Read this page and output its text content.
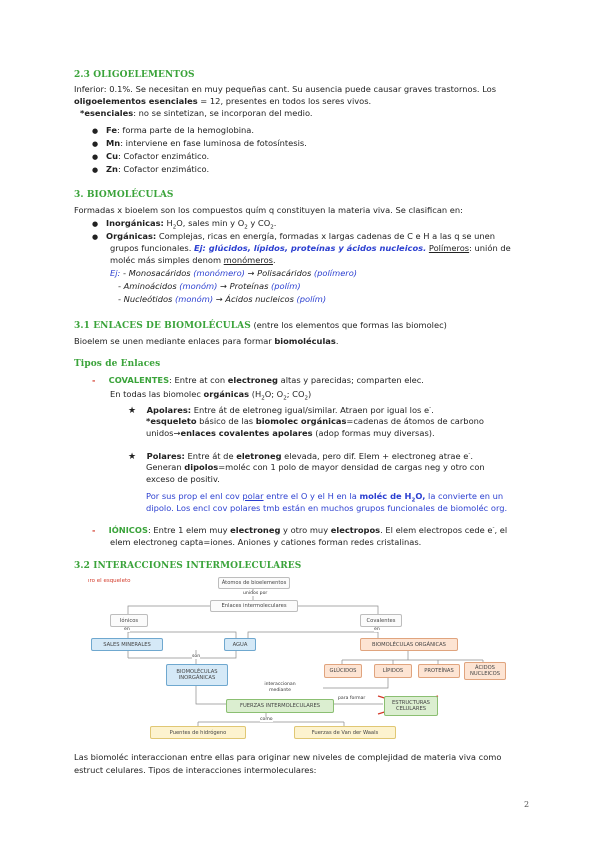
2.3 OLIGOELEMENTOS
Inferior: 0.1%. Se necesitan en muy pequeñas cant. Su ausencia puede causar graves trastornos. Los
oligoelementos esenciales = 12, presentes en todos los seres vivos.
*esenciales: no se sintetizan, se incorporan del medio.
● Fe: forma parte de la hemoglobina.
● Mn: interviene en fase luminosa de fotosíntesis.
● Cu: Cofactor enzimático.
● Zn: Cofactor enzimático.
3. BIOMOLÉCULAS
Formadas x bioelem son los compuestos quím q constituyen la materia viva. Se clasifican en:
● Inorgánicas: $H_2O$, sales min y $O_2$ y $CO_2$.
● Orgánicas: Complejas, ricas en energía, formadas x largas cadenas de C e H a las q se unen
grupos funcionales. Ej: glúcidos, lípidos, proteínas y ácidos nucleicos. Polímeros: unión de
moléc más simples denom monómeros.
Ej: - Monosacáridos (monómero) → Polisacáridos (polímero)
- Aminoácidos (monóm) → Proteínas (polím)
- Nucleótidos (monóm) → Ácidos nucleicos (polím)
3.1 ENLACES DE BIOMOLÉCULAS (entre los elementos que formas las biomolec)
Bioelem se unen mediante enlaces para formar biomoléculas.
Tipos de Enlaces
- COVALENTES: Entre at con electroneg altas y parecidas; comparten elec.
En todas las biomolec orgánicas ($H_2O$; $O_2$; $CO_2$)
★ Apolares: Entre át de eletroneg igual/similar. Atraen por igual los e-.
*esqueleto básico de las biomolec orgánicas=cadenas de átomos de carbono
unidos→enlaces covalentes apolares (adop formas muy diversas).
★ Polares: Entre át de eletroneg elevada, pero dif. Elem + electroneg atrae e-.
Generan dipolos=moléc con 1 polo de mayor densidad de cargas neg y otro con
exceso de positiv.
Por sus prop el enl cov polar entre el O y el H en la moléc de $H_2O$, la convierte en un
dipolo. Los encl cov polares tmb están en muchos grupos funcionales de biomoléc org.
- IÓNICOS: Entre 1 elem muy electroneg y otro muy electropos. El elem electropos cede e-, el
elem electroneg capta=iones. Aniones y cationes forman redes cristalinas.
3.2 INTERACCIONES INTERMOLECULARES
ıro el esqueleto	Átomos de bioelementos
unidos por
Enlaces intermoleculares
Iónicos	Covalentes
en	en
SALES MINERALES	AGUA	BIOMOLÉCULAS ORGÁNICAS
son
BIOMOLÉCULAS
INORGÁNICAS
GLÚCIDOS	LÍPIDOS	PROTEÍNAS	ÁCIDOS
NUCLEICOS
interaccionan
mediante
para formar
FUERZAS INTERMOLECULARES	ESTRUCTURAS
CELULARES
como
Puentes de hidrógeno	Fuerzas de Van der Waals
Las biomoléc interaccionan entre ellas para originar new niveles de complejidad de materia viva como
estruct celulares. Tipos de interacciones intermoleculares:
2
